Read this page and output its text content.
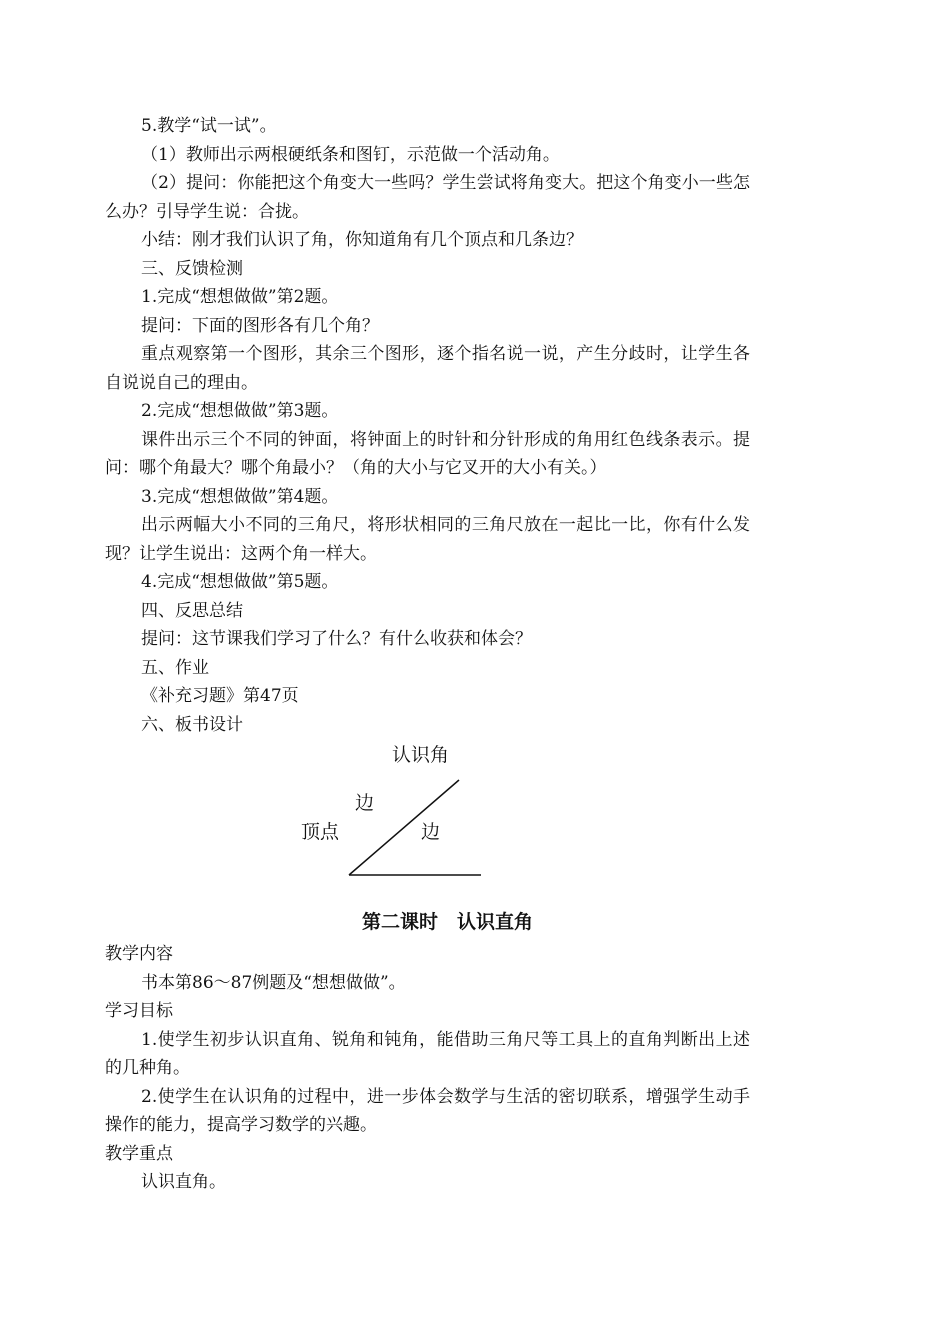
5.教学“试一试”。

（1）教师出示两根硬纸条和图钉，示范做一个活动角。

（2）提问：你能把这个角变大一些吗？学生尝试将角变大。把这个角变小一些怎么办？引导学生说：合拢。

小结：刚才我们认识了角，你知道角有几个顶点和几条边？

三、反馈检测

1.完成“想想做做”第2题。

提问：下面的图形各有几个角？

重点观察第一个图形，其余三个图形，逐个指名说一说，产生分歧时，让学生各自说说自己的理由。

2.完成“想想做做”第3题。

课件出示三个不同的钟面，将钟面上的时针和分针形成的角用红色线条表示。提问：哪个角最大？哪个角最小？（角的大小与它叉开的大小有关。）

3.完成“想想做做”第4题。

出示两幅大小不同的三角尺，将形状相同的三角尺放在一起比一比，你有什么发现？让学生说出：这两个角一样大。

4.完成“想想做做”第5题。

四、反思总结

提问：这节课我们学习了什么？有什么收获和体会？

五、作业

《补充习题》第47页

六、板书设计

认识角
边
顶点	边

第二课时　认识直角

教学内容

书本第86～87例题及“想想做做”。

学习目标

1.使学生初步认识直角、锐角和钝角，能借助三角尺等工具上的直角判断出上述的几种角。

2.使学生在认识角的过程中，进一步体会数学与生活的密切联系，增强学生动手操作的能力，提高学习数学的兴趣。

教学重点

认识直角。
